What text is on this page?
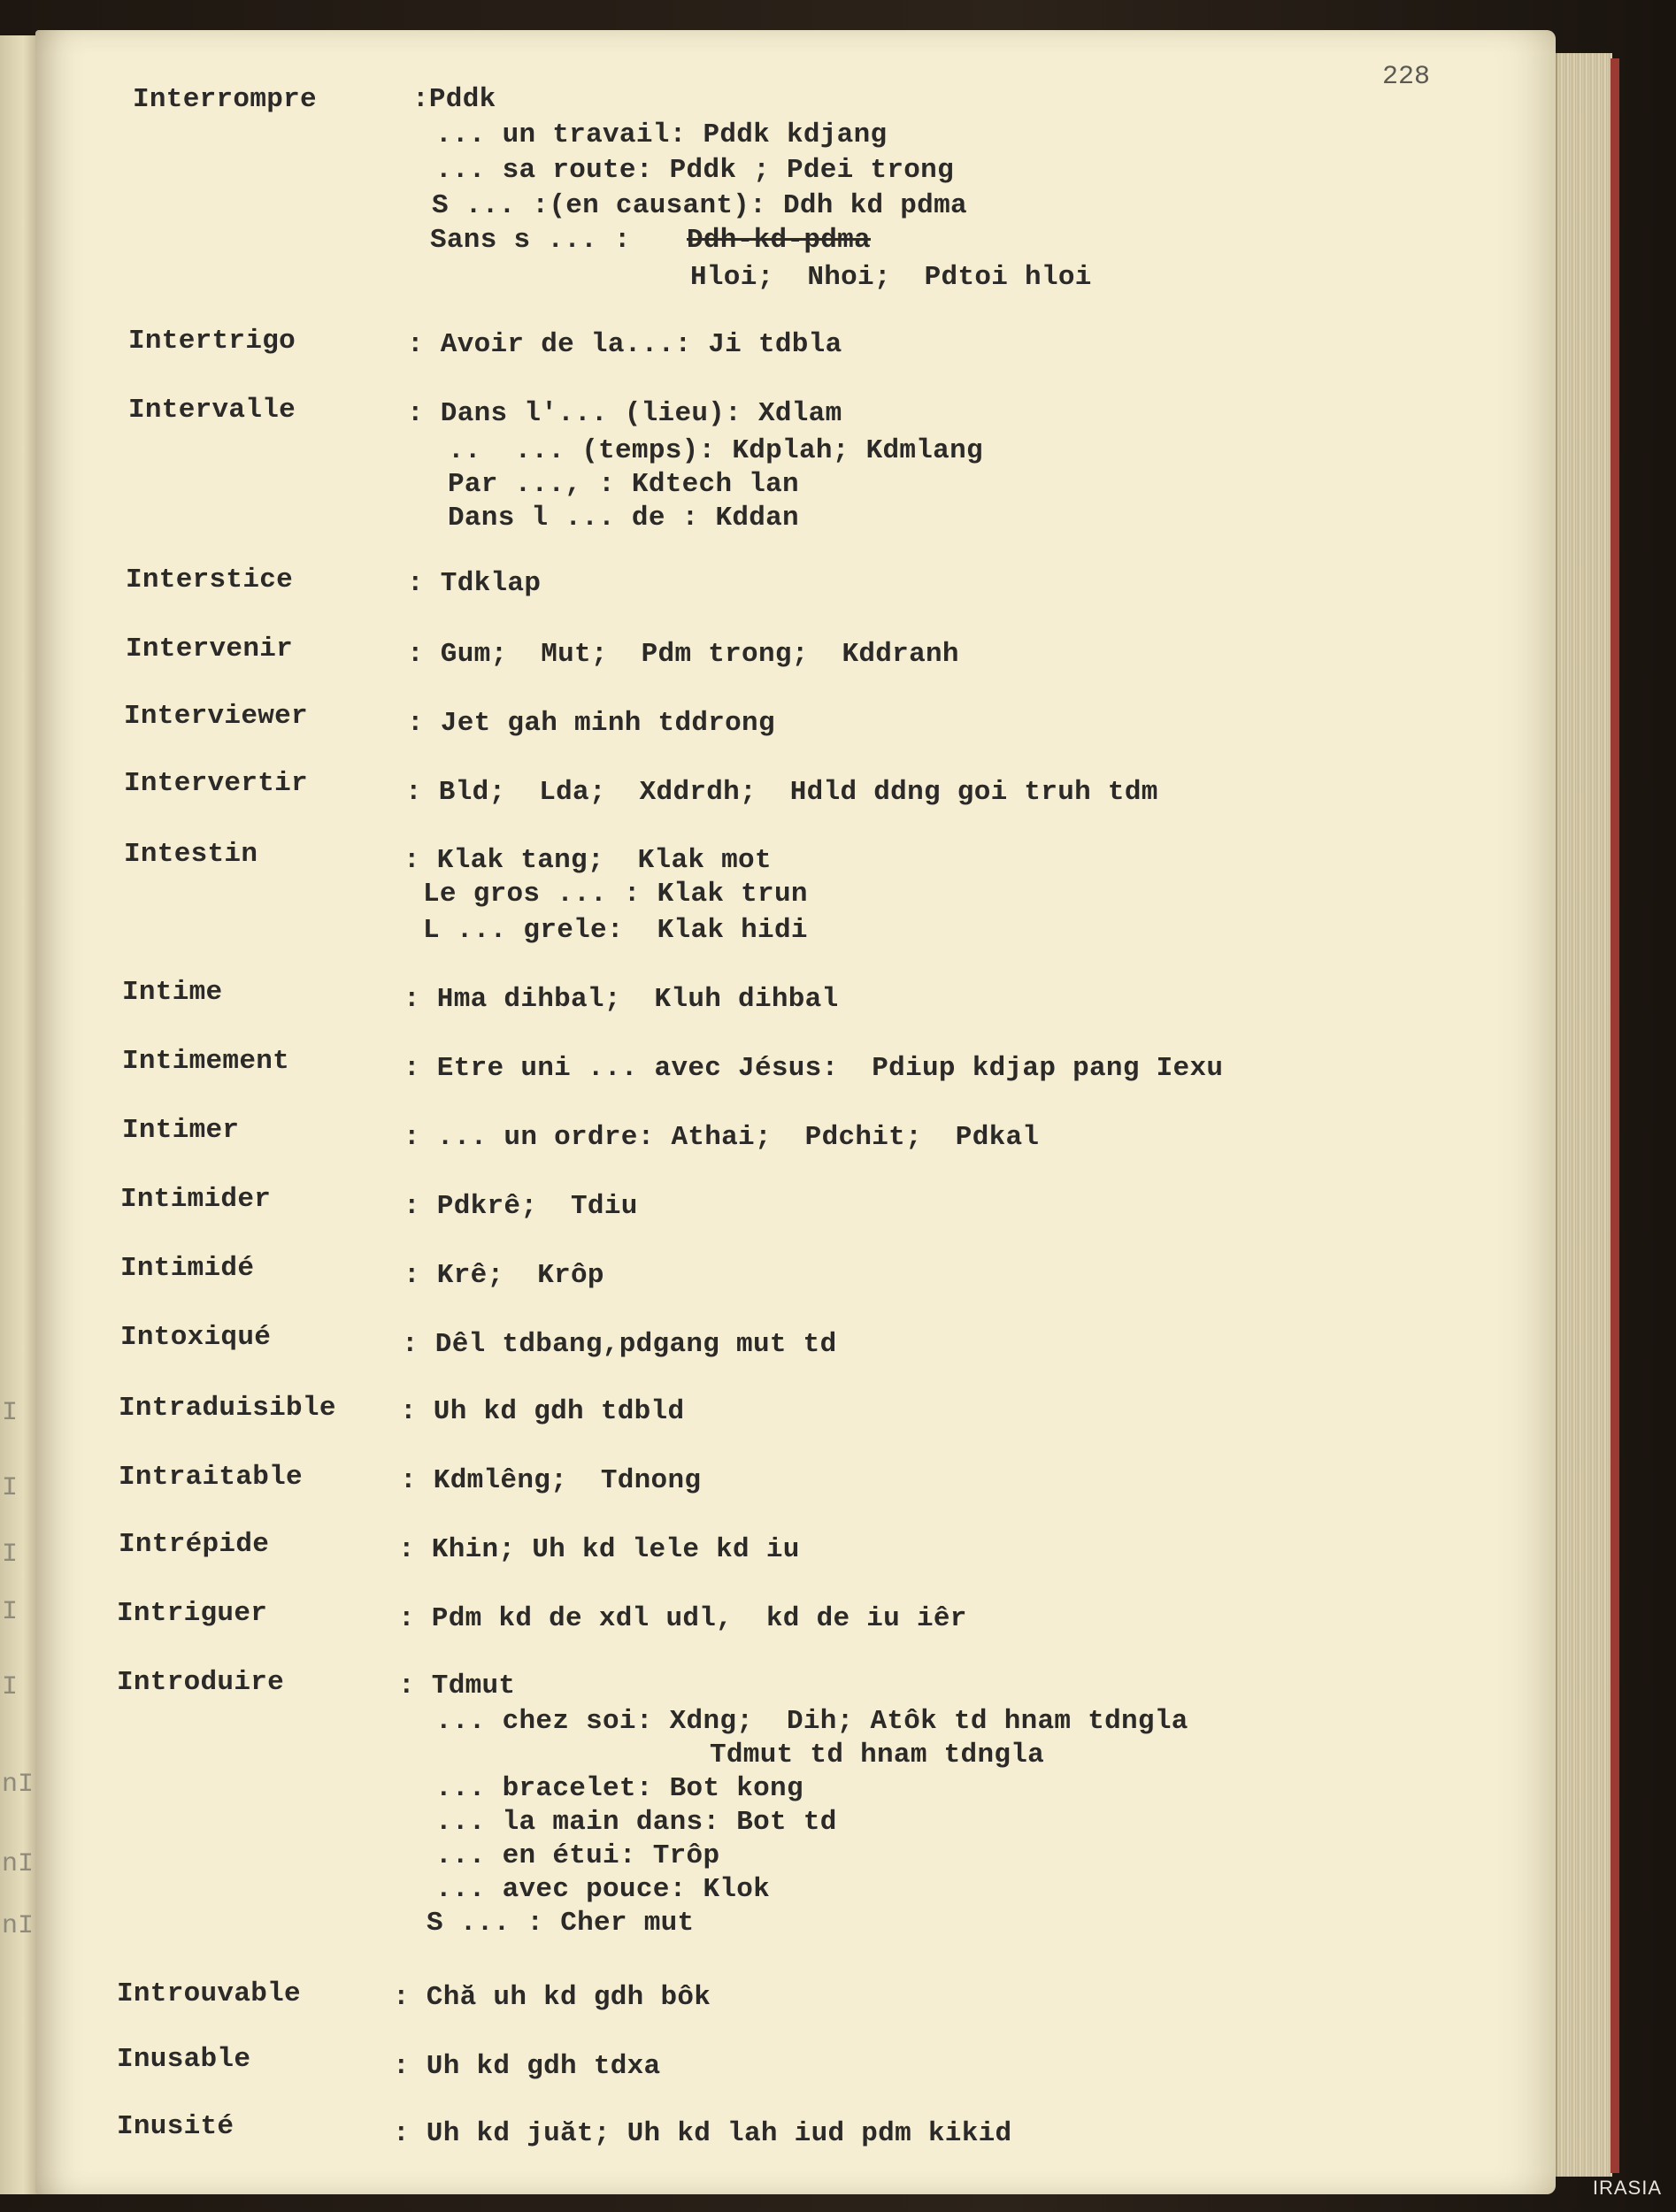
I
I
I
I
I
nI
nI
nI
228
Interrompre	:Pddk
... un travail: Pddk kdjang
... sa route: Pddk ; Pdei trong
S ... :(en causant): Ddh kd pdma
Sans s ... : Ddh-kd-pdma
Hloi;  Nhoi;  Pdtoi hloi
Intertrigo	: Avoir de la...: Ji tdbla
Intervalle	: Dans l'... (lieu): Xdlam
..  ... (temps): Kdplah; Kdmlang
Par ..., : Kdtech lan
Dans l ... de : Kddan
Interstice	: Tdklap
Intervenir	: Gum;  Mut;  Pdm trong;  Kddranh
Interviewer	: Jet gah minh tddrong
Intervertir	: Bld;  Lda;  Xddrdh;  Hdld ddng goi truh tdm
Intestin	: Klak tang;  Klak mot
Le gros ... : Klak trun
L ... grele:  Klak hidi
Intime	: Hma dihbal;  Kluh dihbal
Intimement	: Etre uni ... avec Jésus:  Pdiup kdjap pang Iexu
Intimer	: ... un ordre: Athai;  Pdchit;  Pdkal
Intimider	: Pdkrê;  Tdiu
Intimidé	: Krê;  Krôp
Intoxiqué	: Dêl tdbang,pdgang mut td
Intraduisible : Uh kd gdh tdbld
Intraitable	: Kdmlêng;  Tdnong
Intrépide	: Khin; Uh kd lele kd iu
Intriguer	: Pdm kd de xdl udl,  kd de iu iêr
Introduire	: Tdmut
... chez soi: Xdng;  Dih; Atôk td hnam tdngla
Tdmut td hnam tdngla
... bracelet: Bot kong
... la main dans: Bot td
... en étui: Trôp
... avec pouce: Klok
S ... : Cher mut
Introuvable	: Chă uh kd gdh bôk
Inusable	: Uh kd gdh tdxa
Inusité	: Uh kd juăt; Uh kd lah iud pdm kikid
IRASIA
